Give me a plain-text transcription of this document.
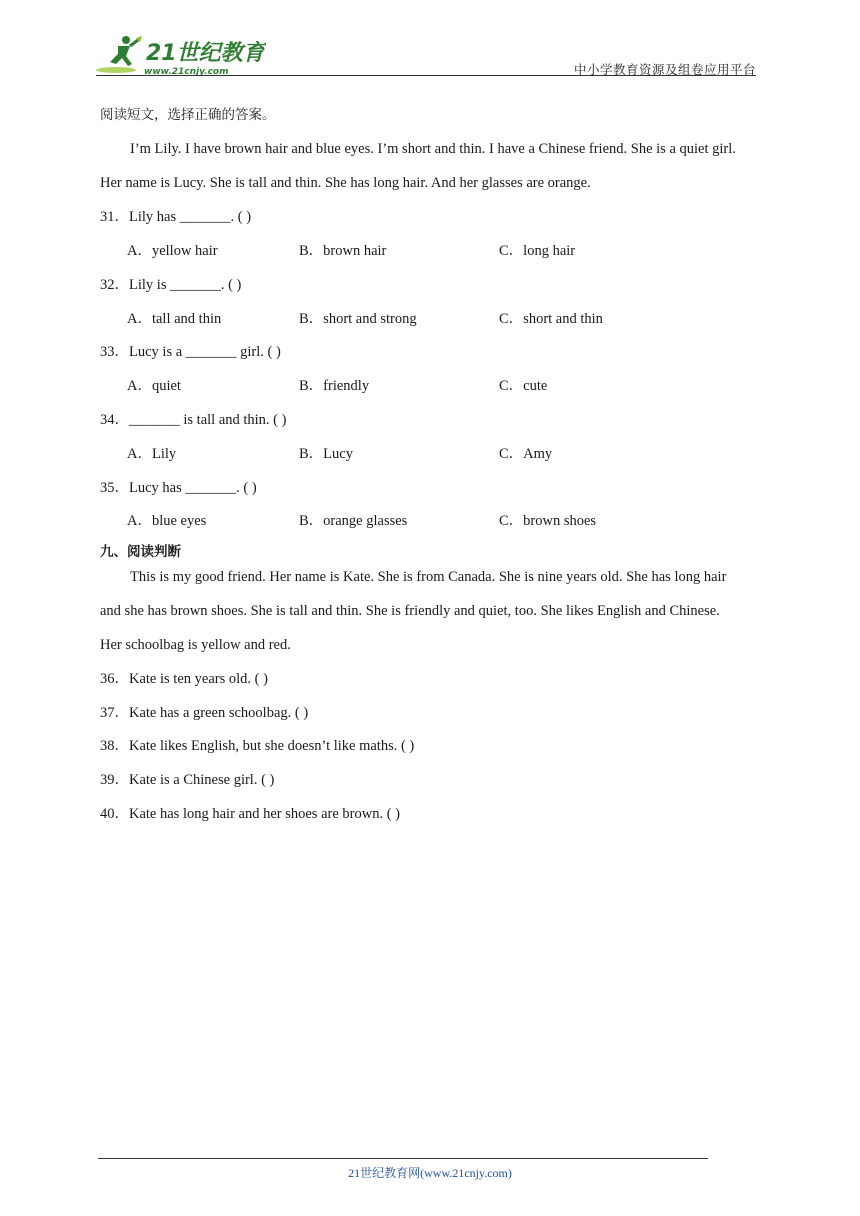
21世纪教育
www.21cnjy.com	中小学教育资源及组卷应用平台
阅读短文，选择正确的答案。
I’m Lily. I have brown hair and blue eyes. I’m short and thin. I have a Chinese friend. She is a quiet girl.
Her name is Lucy. She is tall and thin. She has long hair. And her glasses are orange.
31．Lily has _______. ( )
A．yellow hair	B．brown hair	C．long hair
32．Lily is _______. ( )
A．tall and thin	B．short and strong	C．short and thin
33．Lucy is a _______ girl. ( )
A．quiet	B．friendly	C．cute
34．_______ is tall and thin. ( )
A．Lily	B．Lucy	C．Amy
35．Lucy has _______. ( )
A．blue eyes	B．orange glasses	C．brown shoes
九、阅读判断
This is my good friend. Her name is Kate. She is from Canada. She is nine years old. She has long hair
and she has brown shoes. She is tall and thin. She is friendly and quiet, too. She likes English and Chinese.
Her schoolbag is yellow and red.
36．Kate is ten years old. ( )
37．Kate has a green schoolbag. ( )
38．Kate likes English, but she doesn’t like maths. ( )
39．Kate is a Chinese girl. ( )
40．Kate has long hair and her shoes are brown. ( )
21世纪教育网(www.21cnjy.com)
